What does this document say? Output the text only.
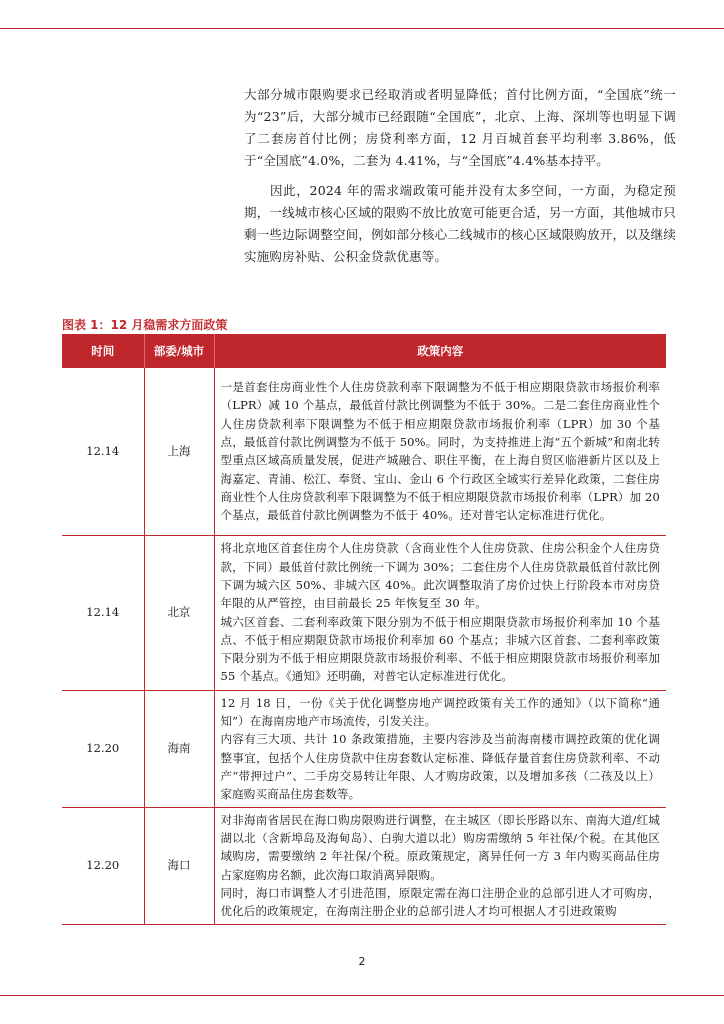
大部分城市限购要求已经取消或者明显降低；首付比例方面，“全国底”统一为“23”后，大部分城市已经跟随“全国底”，北京、上海、深圳等也明显下调了二套房首付比例；房贷利率方面，12 月百城首套平均利率 3.86%，低于“全国底”4.0%，二套为 4.41%，与“全国底”4.4%基本持平。

因此，2024 年的需求端政策可能并没有太多空间，一方面，为稳定预期，一线城市核心区域的限购不放比放宽可能更合适，另一方面，其他城市只剩一些边际调整空间，例如部分核心二线城市的核心区域限购放开，以及继续实施购房补贴、公积金贷款优惠等。

图表 1：12 月稳需求方面政策
时间	部委/城市	政策内容
12.14	上海	一是首套住房商业性个人住房贷款利率下限调整为不低于相应期限贷款市场报价利率（LPR）减 10 个基点，最低首付款比例调整为不低于 30%。二是二套住房商业性个人住房贷款利率下限调整为不低于相应期限贷款市场报价利率（LPR）加 30 个基点，最低首付款比例调整为不低于 50%。同时，为支持推进上海“五个新城”和南北转型重点区域高质量发展，促进产城融合、职住平衡，在上海自贸区临港新片区以及上海嘉定、青浦、松江、奉贤、宝山、金山 6 个行政区全域实行差异化政策，二套住房商业性个人住房贷款利率下限调整为不低于相应期限贷款市场报价利率（LPR）加 20 个基点，最低首付款比例调整为不低于 40%。还对普宅认定标准进行优化。

12.14	北京	将北京地区首套住房个人住房贷款（含商业性个人住房贷款、住房公积金个人住房贷款，下同）最低首付款比例统一下调为 30%；二套住房个人住房贷款最低首付款比例下调为城六区 50%、非城六区 40%。此次调整取消了房价过快上行阶段本市对房贷年限的从严管控，由目前最长 25 年恢复至 30 年。
城六区首套、二套利率政策下限分别为不低于相应期限贷款市场报价利率加 10 个基点、不低于相应期限贷款市场报价利率加 60 个基点；非城六区首套、二套利率政策下限分别为不低于相应期限贷款市场报价利率、不低于相应期限贷款市场报价利率加 55 个基点。《通知》还明确，对普宅认定标准进行优化。

12.20	海南	12 月 18 日，一份《关于优化调整房地产调控政策有关工作的通知》（以下简称“通知”）在海南房地产市场流传，引发关注。
内容有三大项、共计 10 条政策措施，主要内容涉及当前海南楼市调控政策的优化调整事宜，包括个人住房贷款中住房套数认定标准、降低存量首套住房贷款利率、不动产“带押过户”、二手房交易转让年限、人才购房政策，以及增加多孩（二孩及以上）家庭购买商品住房套数等。

12.20	海口	对非海南省居民在海口购房限购进行调整，在主城区（即长彤路以东、南海大道/红城湖以北（含新埠岛及海甸岛）、白驹大道以北）购房需缴纳 5 年社保/个税。在其他区域购房，需要缴纳 2 年社保/个税。原政策规定，离异任何一方 3 年内购买商品住房占家庭购房名额，此次海口取消离异限购。
同时，海口市调整人才引进范围，原限定需在海口注册企业的总部引进人才可购房，优化后的政策规定，在海南注册企业的总部引进人才均可根据人才引进政策购
2
